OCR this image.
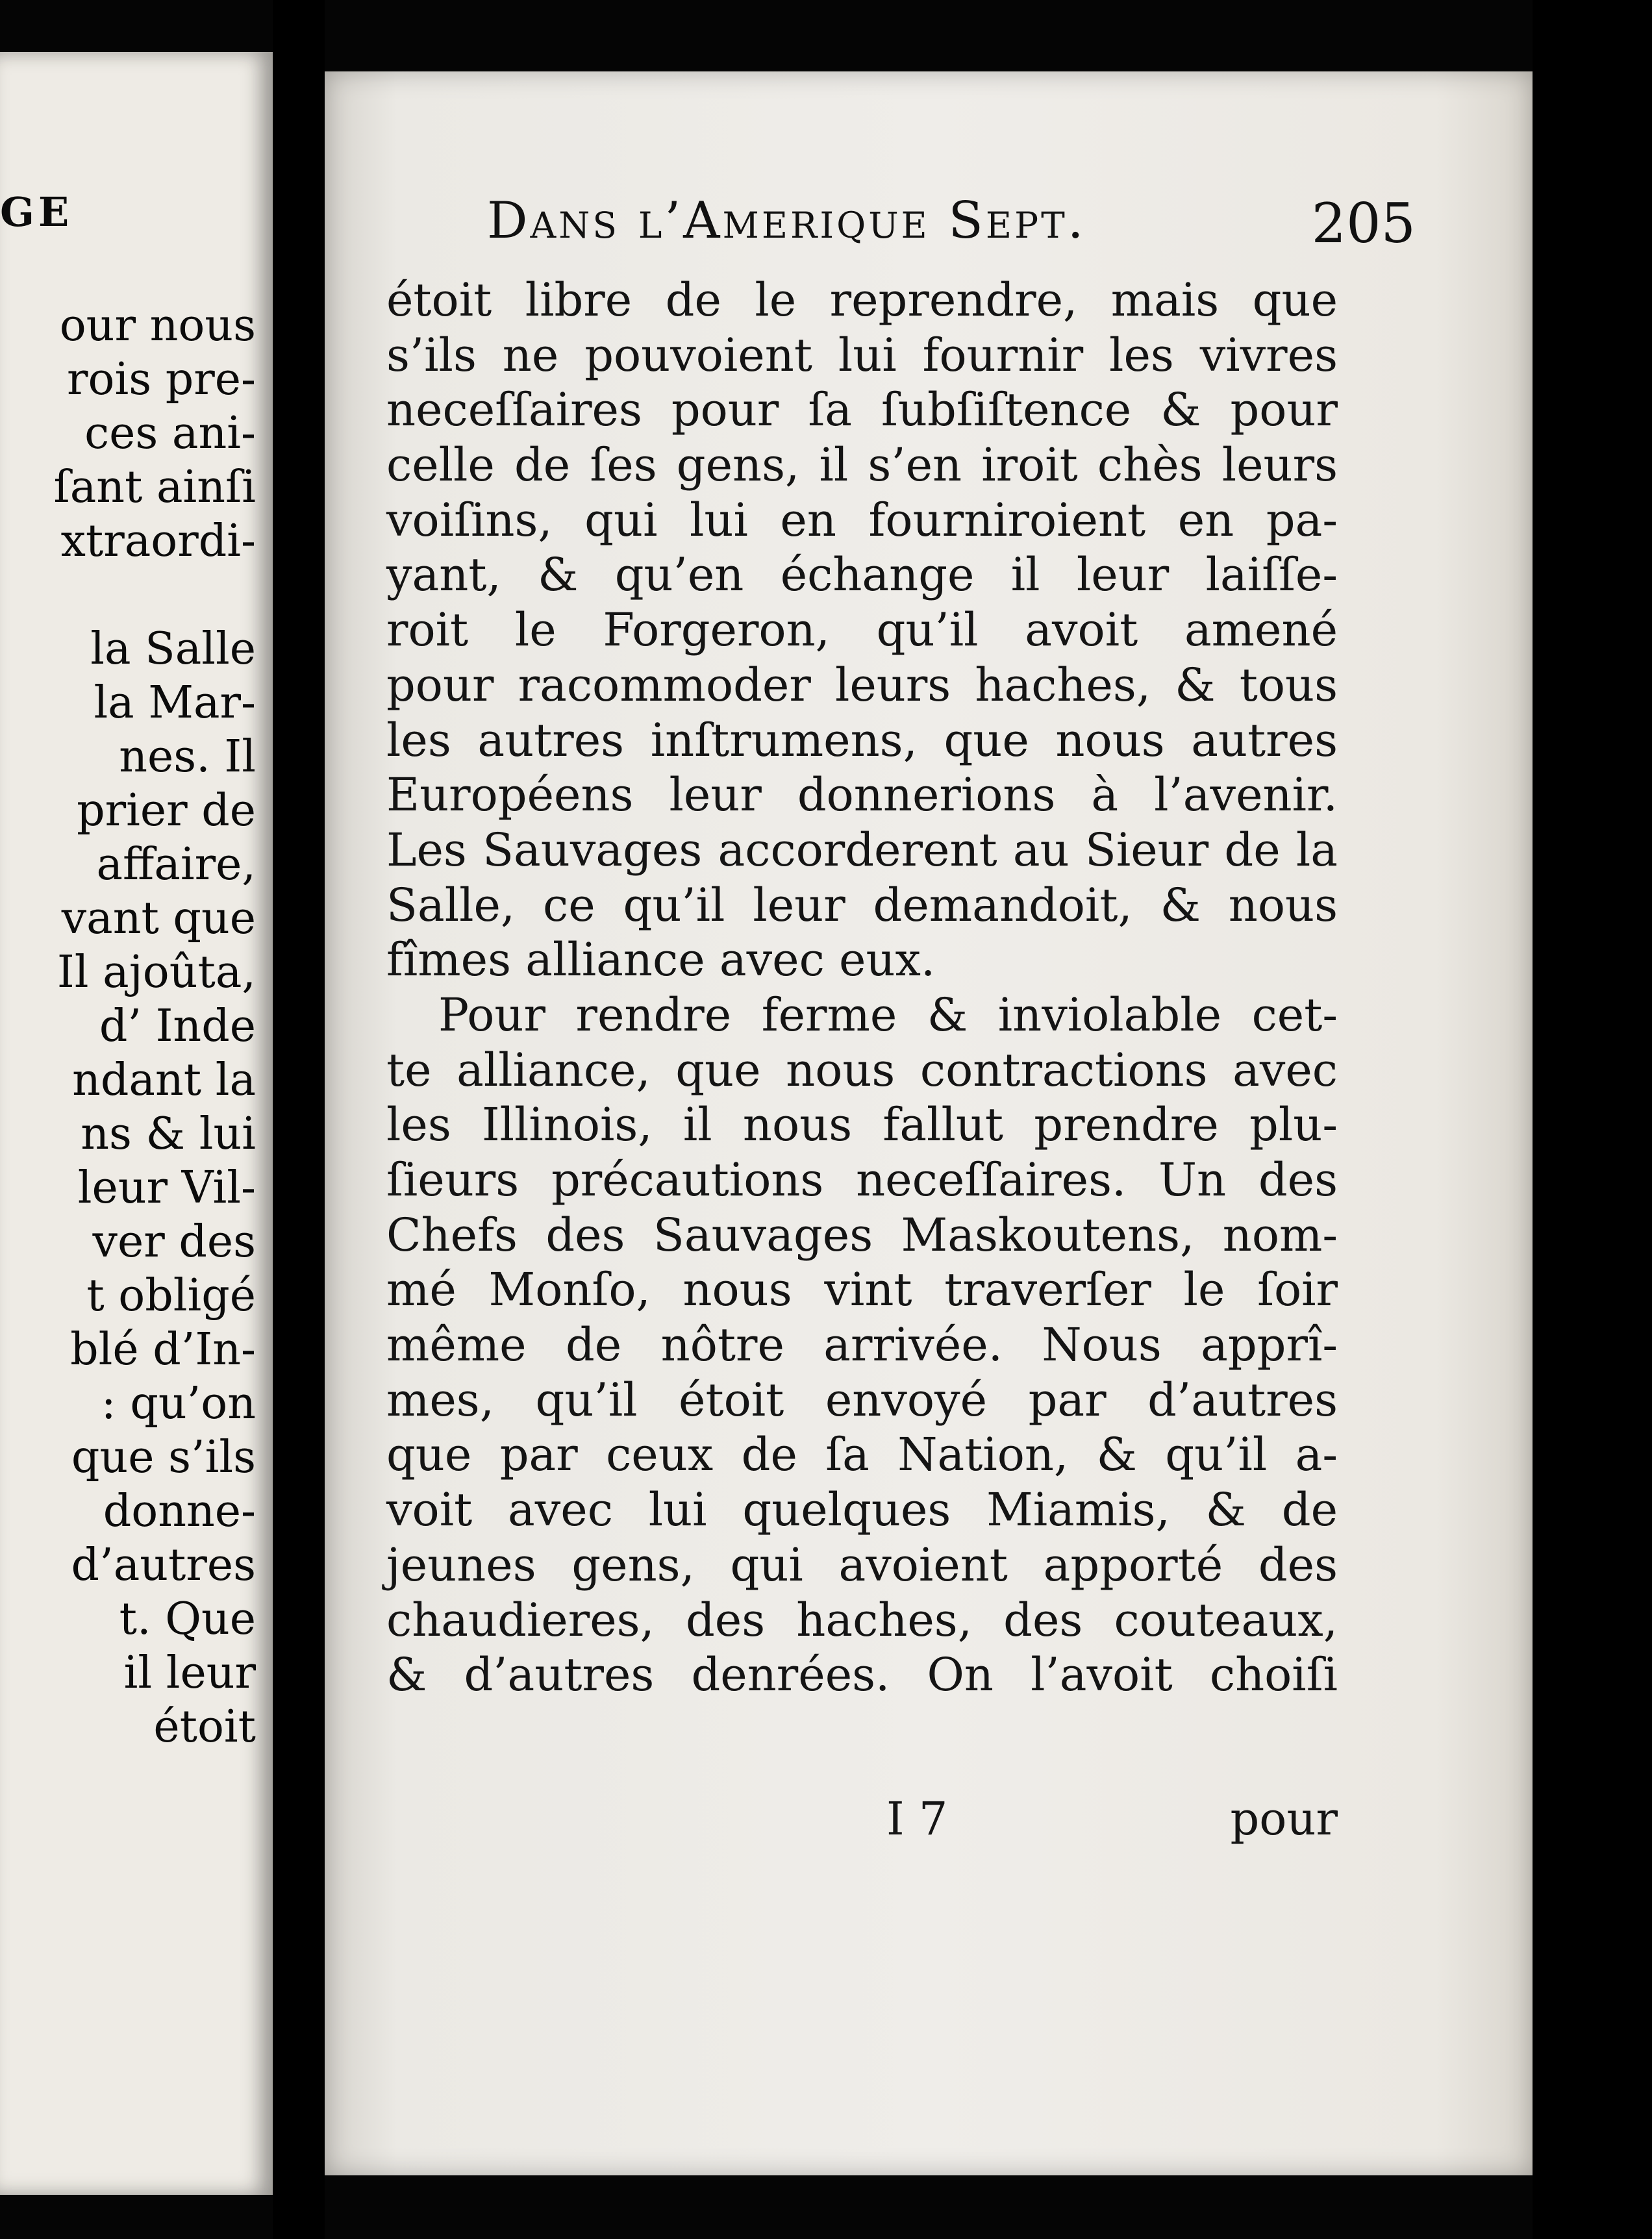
GE
our nous
rois pre-
ces ani-
ſant ainſi
xtraordi-

la Salle
la Mar-
nes. Il
prier de
affaire,
vant que
Il ajoûta,
d’ Inde
ndant la
ns & lui
leur Vil-
ver des
t obligé
blé d’In-
: qu’on
que s’ils
donne-
d’autres
t. Que
il leur
étoit
Dans l’Amerique Sept.	205
étoit libre de le reprendre, mais que
s’ils ne pouvoient lui fournir les vivres
neceſſaires pour ſa ſubſiſtence & pour
celle de ſes gens, il s’en iroit chès leurs
voiſins, qui lui en fourniroient en pa-
yant, & qu’en échange il leur laiſſe-
roit le Forgeron, qu’il avoit amené
pour racommoder leurs haches, & tous
les autres inſtrumens, que nous autres
Européens leur donnerions à l’avenir.
Les Sauvages accorderent au Sieur de la
Salle, ce qu’il leur demandoit, & nous
fîmes alliance avec eux.
Pour rendre ferme & inviolable cet-
te alliance, que nous contractions avec
les Illinois, il nous fallut prendre plu-
ſieurs précautions neceſſaires. Un des
Chefs des Sauvages Maskoutens, nom-
mé Monſo, nous vint traverſer le ſoir
même de nôtre arrivée. Nous apprî-
mes, qu’il étoit envoyé par d’autres
que par ceux de ſa Nation, & qu’il a-
voit avec lui quelques Miamis, & de
jeunes gens, qui avoient apporté des
chaudieres, des haches, des couteaux,
& d’autres denrées. On l’avoit choiſi
I 7	pour
